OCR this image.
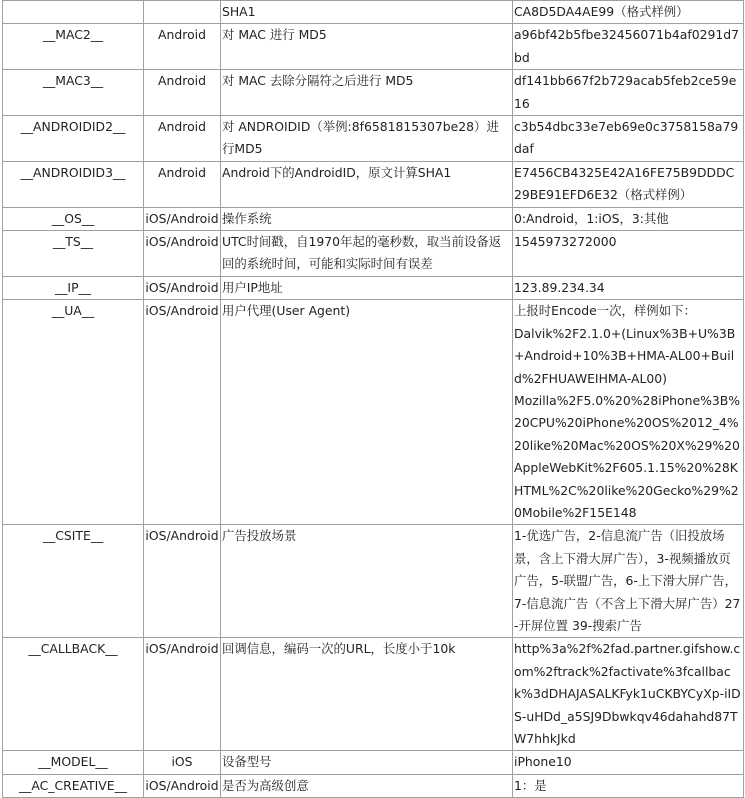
		SHA1	CA8D5DA4AE99（格式样例）
__MAC2__	Android	对 MAC 进行 MD5	a96bf42b5fbe32456071b4af0291d7bd
__MAC3__	Android	对 MAC 去除分隔符之后进行 MD5	df141bb667f2b729acab5feb2ce59e16
__ANDROIDID2__	Android	对 ANDROIDID（举例:8f6581815307be28）进行MD5	c3b54dbc33e7eb69e0c3758158a79daf
__ANDROIDID3__	Android	Android下的AndroidID，原文计算SHA1	E7456CB4325E42A16FE75B9DDDC29BE91EFD6E32（格式样例）
__OS__	iOS/Android	操作系统	0:Android，1:iOS，3:其他
__TS__	iOS/Android	UTC时间戳，自1970年起的毫秒数，取当前设备返回的系统时间，可能和实际时间有误差	1545973272000
__IP__	iOS/Android	用户IP地址	123.89.234.34
__UA__	iOS/Android	用户代理(User Agent)	上报时Encode一次，样例如下：
Dalvik%2F2.1.0+(Linux%3B+U%3B+Android+10%3B+HMA-AL00+Build%2FHUAWEIHMA-AL00)
Mozilla%2F5.0%20%28iPhone%3B%20CPU%20iPhone%20OS%2012_4%20like%20Mac%20OS%20X%29%20AppleWebKit%2F605.1.15%20%28KHTML%2C%20like%20Gecko%29%20Mobile%2F15E148
__CSITE__	iOS/Android	广告投放场景	1-优选广告，2-信息流广告（旧投放场景，含上下滑大屏广告），3-视频播放页广告，5-联盟广告，6-上下滑大屏广告，7-信息流广告（不含上下滑大屏广告）27-开屏位置 39-搜索广告
__CALLBACK__	iOS/Android	回调信息，编码一次的URL，长度小于10k	http%3a%2f%2fad.partner.gifshow.com%2ftrack%2factivate%3fcallback%3dDHAJASALKFyk1uCKBYCyXp-iIDS-uHDd_a5SJ9Dbwkqv46dahahd87TW7hhkJkd
__MODEL__	iOS	设备型号	iPhone10
__AC_CREATIVE__	iOS/Android	是否为高级创意	1：是
